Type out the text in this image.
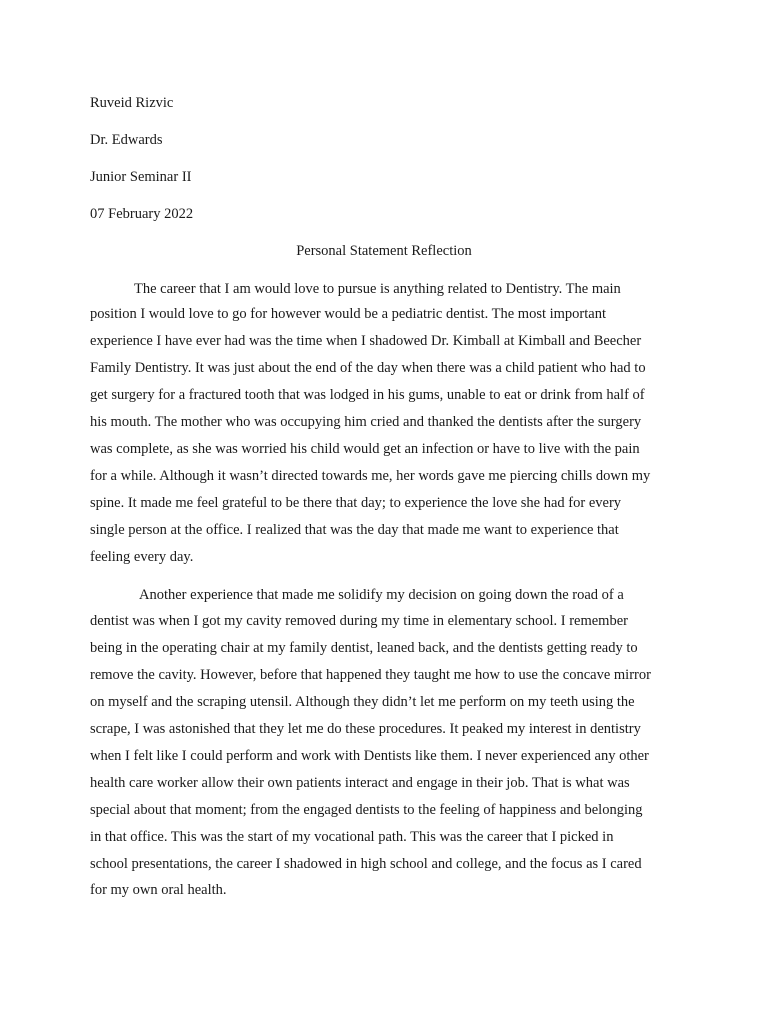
Ruveid Rizvic
Dr. Edwards
Junior Seminar II
07 February 2022
Personal Statement Reflection
The career that I am would love to pursue is anything related to Dentistry. The main
position I would love to go for however would be a pediatric dentist. The most important
experience I have ever had was the time when I shadowed Dr. Kimball at Kimball and Beecher
Family Dentistry. It was just about the end of the day when there was a child patient who had to
get surgery for a fractured tooth that was lodged in his gums, unable to eat or drink from half of
his mouth. The mother who was occupying him cried and thanked the dentists after the surgery
was complete, as she was worried his child would get an infection or have to live with the pain
for a while. Although it wasn’t directed towards me, her words gave me piercing chills down my
spine. It made me feel grateful to be there that day; to experience the love she had for every
single person at the office. I realized that was the day that made me want to experience that
feeling every day.
Another experience that made me solidify my decision on going down the road of a
dentist was when I got my cavity removed during my time in elementary school. I remember
being in the operating chair at my family dentist, leaned back, and the dentists getting ready to
remove the cavity. However, before that happened they taught me how to use the concave mirror
on myself and the scraping utensil. Although they didn’t let me perform on my teeth using the
scrape, I was astonished that they let me do these procedures. It peaked my interest in dentistry
when I felt like I could perform and work with Dentists like them. I never experienced any other
health care worker allow their own patients interact and engage in their job. That is what was
special about that moment; from the engaged dentists to the feeling of happiness and belonging
in that office. This was the start of my vocational path. This was the career that I picked in
school presentations, the career I shadowed in high school and college, and the focus as I cared
for my own oral health.
